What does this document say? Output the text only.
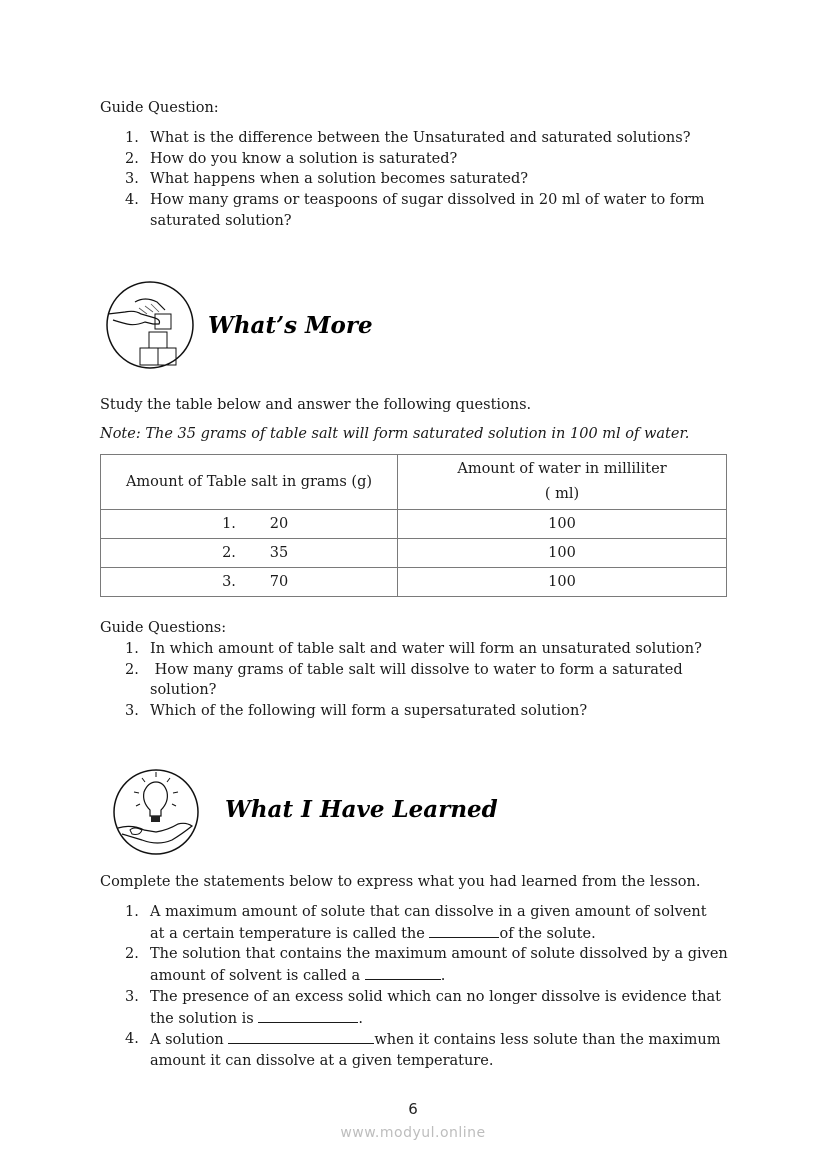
Guide Question:
1. What is the difference between the Unsaturated and saturated solutions?
2. How do you know a solution is saturated?
3. What happens when a solution becomes saturated?
4. How many grams or teaspoons of sugar dissolved in 20 ml of water to form
saturated solution?
What’s More
Study the table below and answer the following questions.
Note: The 35 grams of table salt will form saturated solution in 100 ml of water.
Amount of Table salt in grams (g)	Amount of water in milliliter
( ml)
1. 20	100
2. 35	100
3. 70	100
Guide Questions:
1. In which amount of table salt and water will form an unsaturated solution?
2. How many grams of table salt will dissolve to water to form a saturated
solution?
3. Which of the following will form a supersaturated solution?
What I Have Learned
Complete the statements below to express what you had learned from the lesson.
1. A maximum amount of solute that can dissolve in a given amount of solvent
at a certain temperature is called the	of the solute.
2. The solution that contains the maximum amount of solute dissolved by a given
amount of solvent is called a	.
3. The presence of an excess solid which can no longer dissolve is evidence that
the solution is	.
4. A solution	when it contains less solute than the maximum
amount it can dissolve at a given temperature.
6
www.modyul.online
